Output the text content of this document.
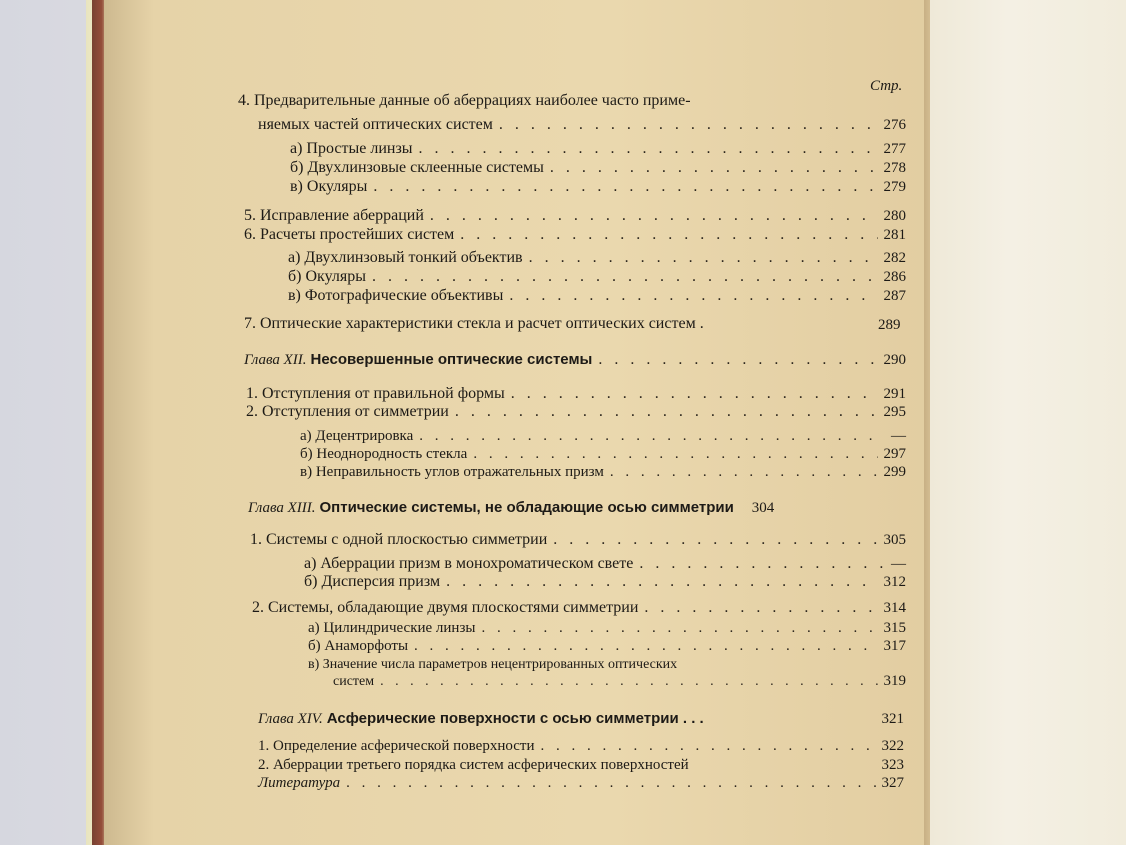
Стр.
4. Предварительные данные об аберрациях наиболее часто приме-
няемых частей оптических систем . . .	276
а) Простые линзы . . .	277
б) Двухлинзовые склеенные системы . . .	278
в) Окуляры . . .	279
5. Исправление аберраций . . .	280
6. Расчеты простейших систем . . .	281
а) Двухлинзовый тонкий объектив . . .	282
б) Окуляры . . .	286
в) Фотографические объективы . . .	287
7. Оптические характеристики стекла и расчет оптических систем .	289
Глава XII.
Несовершенные оптические системы . . .	290
1. Отступления от правильной формы . . .	291
2. Отступления от симметрии . . .	295
а) Децентрировка . . .	—
б) Неоднородность стекла . . .	297
в) Неправильность углов отражательных призм . . .	299
Глава XIII.
Оптические системы, не обладающие осью симметрии 304
1. Системы с одной плоскостью симметрии . . .	305
а) Аберрации призм в монохроматическом свете . . .	—
б) Дисперсия призм . . .	312
2. Системы, обладающие двумя плоскостями симметрии . . .	314
а) Цилиндрические линзы . . .	315
б) Анаморфоты . . .	317
в) Значение числа параметров нецентрированных оптических
систем . . .	319
Глава XIV.
Асферические поверхности с осью симметрии . . .	321
1. Определение асферической поверхности . . .	322
2. Аберрации третьего порядка систем асферических поверхностей	323
Литература . . .	327
